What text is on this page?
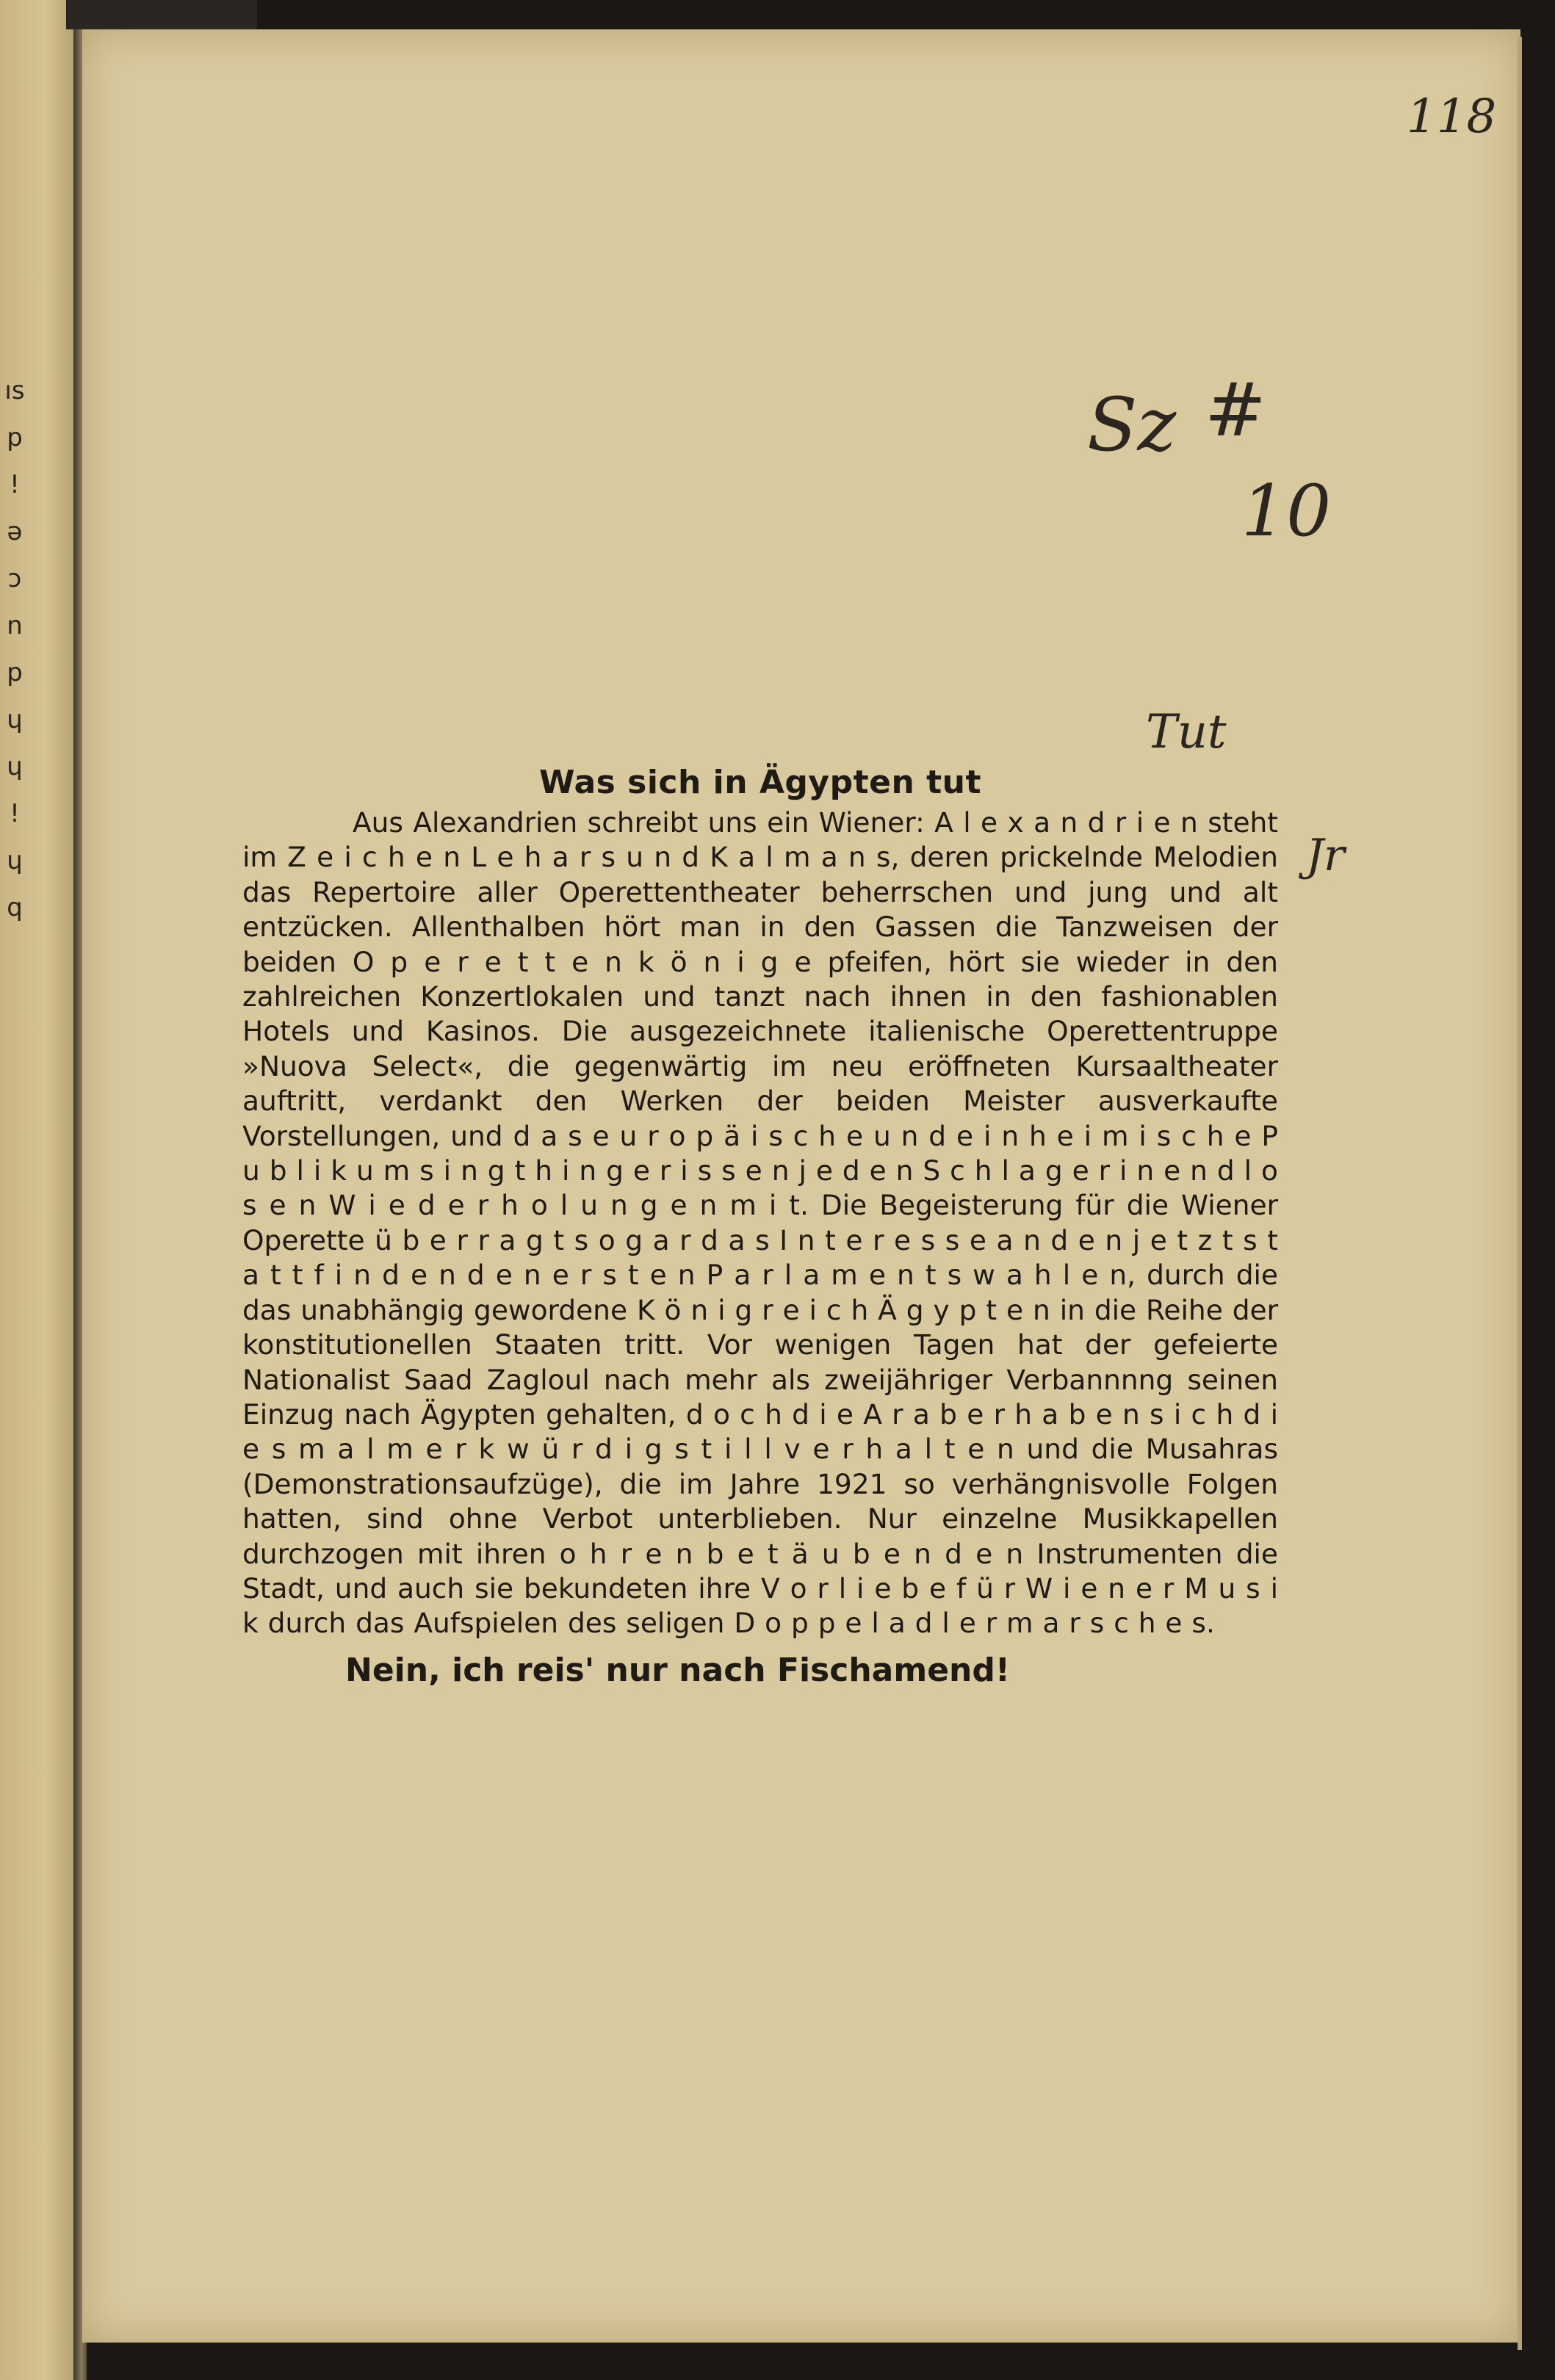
ıs
p
!
ə
ɔ
n
p
ɥ
ɥ
!
ɥ
q
118
Sz #
10
Tut
Jr
Was sich in Ägypten tut

Aus Alexandrien schreibt uns ein Wiener: A l e x a n d r i e n steht im Z e i c h e n L e h a r s u n d K a l m a n s, deren prickelnde Melodien das Repertoire aller Operettentheater beherrschen und jung und alt entzücken. Allenthalben hört man in den Gassen die Tanzweisen der beiden O p e r e t t e n k ö n i g e pfeifen, hört sie wieder in den zahlreichen Konzertlokalen und tanzt nach ihnen in den fashionablen Hotels und Kasinos. Die ausgezeichnete italienische Operettentruppe »Nuova Select«, die gegenwärtig im neu eröffneten Kursaaltheater auftritt, verdankt den Werken der beiden Meister ausverkaufte Vorstellungen, und d a s e u r o p ä i s c h e u n d e i n h e i m i s c h e P u b l i k u m s i n g t h i n g e r i s s e n j e d e n S c h l a g e r i n e n d l o s e n W i e d e r h o l u n g e n m i t. Die Begeisterung für die Wiener Operette ü b e r r a g t s o g a r d a s I n t e r e s s e a n d e n j e t z t s t a t t f i n d e n d e n e r s t e n P a r l a m e n t s w a h l e n, durch die das unabhängig gewordene K ö n i g r e i c h Ä g y p t e n in die Reihe der konstitutionellen Staaten tritt. Vor wenigen Tagen hat der gefeierte Nationalist Saad Zagloul nach mehr als zweijähriger Verbannnng seinen Einzug nach Ägypten gehalten, d o c h d i e A r a b e r h a b e n s i c h d i e s m a l m e r k w ü r d i g s t i l l v e r h a l t e n und die Musahras (Demonstrationsaufzüge), die im Jahre 1921 so verhängnisvolle Folgen hatten, sind ohne Verbot unterblieben. Nur einzelne Musikkapellen durchzogen mit ihren o h r e n b e t ä u b e n d e n Instrumenten die Stadt, und auch sie bekundeten ihre V o r l i e b e f ü r W i e n e r M u s i k durch das Aufspielen des seligen D o p p e l a d l e r m a r s c h e s.

Nein, ich reis' nur nach Fischamend!
